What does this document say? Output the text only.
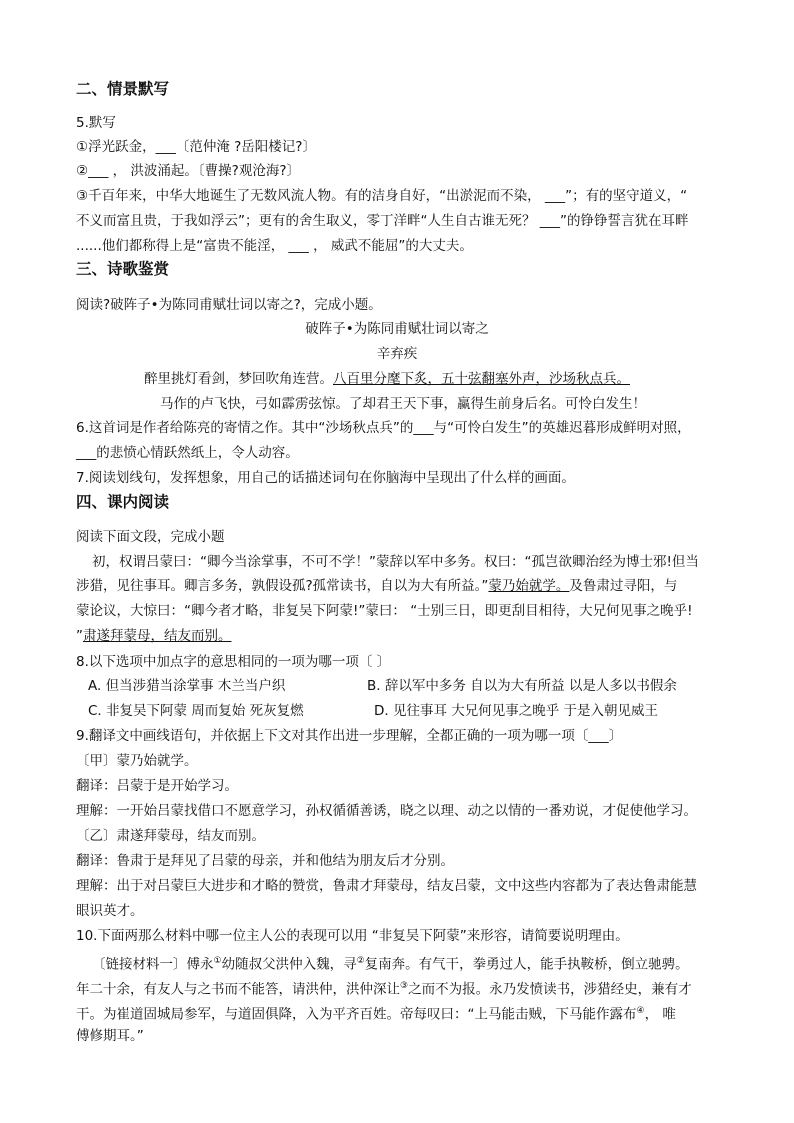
二、情景默写
5.默写
①浮光跃金，___〔范仲淹 ?岳阳楼记?〕
②___ ， 洪波涌起。〔曹操?观沧海?〕
③千百年来，中华大地诞生了无数风流人物。有的洁身自好，“出淤泥而不染， ___”；有的坚守道义，“
不义而富且贵，于我如浮云”；更有的舍生取义，零丁洋畔“人生自古谁无死？ ___”的铮铮誓言犹在耳畔
......他们都称得上是“富贵不能淫， ___ ， 威武不能屈”的大丈夫。
三、诗歌鉴赏
阅读?破阵子•为陈同甫赋壮词以寄之?，完成小题。
破阵子•为陈同甫赋壮词以寄之
辛弃疾
醉里挑灯看剑，梦回吹角连营。八百里分麾下炙，五十弦翻塞外声，沙场秋点兵。
马作的卢飞快，弓如霹雳弦惊。了却君王天下事，赢得生前身后名。可怜白发生！
6.这首词是作者给陈亮的寄情之作。其中“沙场秋点兵”的___与“可怜白发生”的英雄迟暮形成鲜明对照，
___的悲愤心情跃然纸上，令人动容。
7.阅读划线句，发挥想象，用自己的话描述词句在你脑海中呈现出了什么样的画面。
四、课内阅读
阅读下面文段，完成小题
初，权谓吕蒙曰：“卿今当涂掌事，不可不学！”蒙辞以军中多务。权曰：“孤岂欲卿治经为博士邪!但当
涉猎，见往事耳。卿言多务，孰假设孤?孤常读书，自以为大有所益。”蒙乃始就学。及鲁肃过寻阳，与
蒙论议，大惊曰：“卿今者才略，非复吴下阿蒙!”蒙曰： “士别三日，即更刮目相待，大兄何见事之晚乎!
”肃遂拜蒙母，结友而别。
8.以下选项中加点字的意思相同的一项为哪一项〔 〕
A. 但当涉猎当涂掌事 木兰当户织	B. 辞以军中多务 自以为大有所益 以是人多以书假余
C. 非复吴下阿蒙 周而复始 死灰复燃	D. 见往事耳 大兄何见事之晚乎 于是入朝见威王
9.翻译文中画线语句，并依据上下文对其作出进一步理解，全都正确的一项为哪一项〔___〕
〔甲〕蒙乃始就学。
翻译：吕蒙于是开始学习。
理解：一开始吕蒙找借口不愿意学习，孙权循循善诱，晓之以理、动之以情的一番劝说，才促使他学习。
〔乙〕肃遂拜蒙母，结友而别。
翻译：鲁肃于是拜见了吕蒙的母亲，并和他结为朋友后才分别。
理解：出于对吕蒙巨大进步和才略的赞赏，鲁肃才拜蒙母，结友吕蒙，文中这些内容都为了表达鲁肃能慧
眼识英才。
10.下面两那么材料中哪一位主人公的表现可以用 “非复吴下阿蒙”来形容，请简要说明理由。
〔链接材料一〕傅永①幼随叔父洪仲入魏，寻②复南奔。有气干，拳勇过人，能手执鞍桥，倒立驰骋。
年二十余，有友人与之书而不能答，请洪仲，洪仲深让③之而不为报。永乃发愤读书，涉猎经史，兼有才
干。为崔道固城局参军，与道固俱降，入为平齐百姓。帝每叹曰：“上马能击贼，下马能作露布④， 唯
傅修期耳。”
